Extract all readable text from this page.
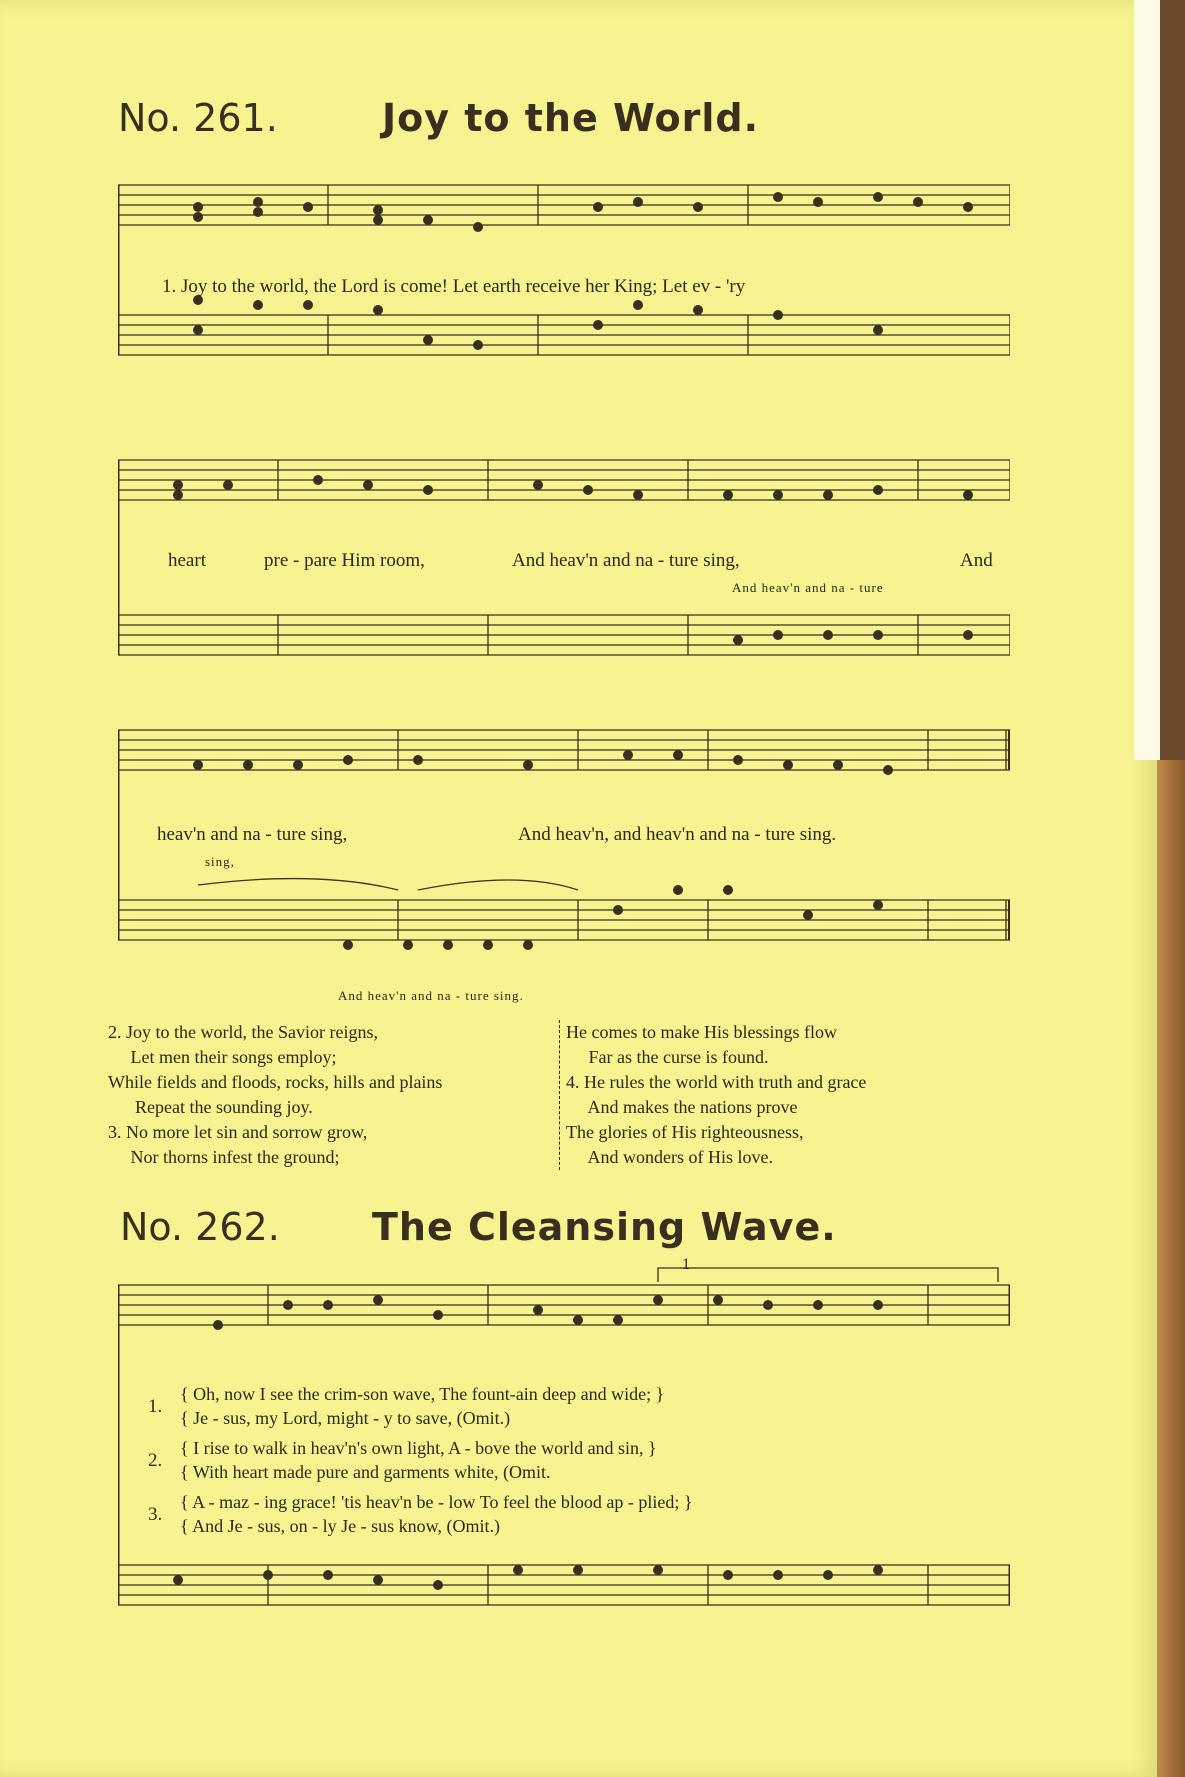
No. 261.	Joy to the World.
1. Joy to the world, the Lord is come! Let earth receive her King; Let ev - 'ry
heart	pre - pare Him room,	And heav'n and na - ture sing,	And
And heav'n and na - ture
heav'n and na - ture sing,	And heav'n, and heav'n and na - ture sing.
sing,
And heav'n and na - ture sing.
2. Joy to the world, the Savior reigns,
Let men their songs employ;
While fields and floods, rocks, hills and plains
Repeat the sounding joy.
3. No more let sin and sorrow grow,
Nor thorns infest the ground;
He comes to make His blessings flow
Far as the curse is found.
4. He rules the world with truth and grace
And makes the nations prove
The glories of His righteousness,
And wonders of His love.
No. 262. The Cleansing Wave.
1.
{ Oh, now I see the crim-son wave, The fount-ain deep and wide; }
{ Je - sus, my Lord, might - y to save, (Omit.)
2.
{ I rise to walk in heav'n's own light, A - bove the world and sin, }
{ With heart made pure and garments white, (Omit.
3.
{ A - maz - ing grace! 'tis heav'n be - low To feel the blood ap - plied; }
{ And Je - sus, on - ly Je - sus know, (Omit.)
1
